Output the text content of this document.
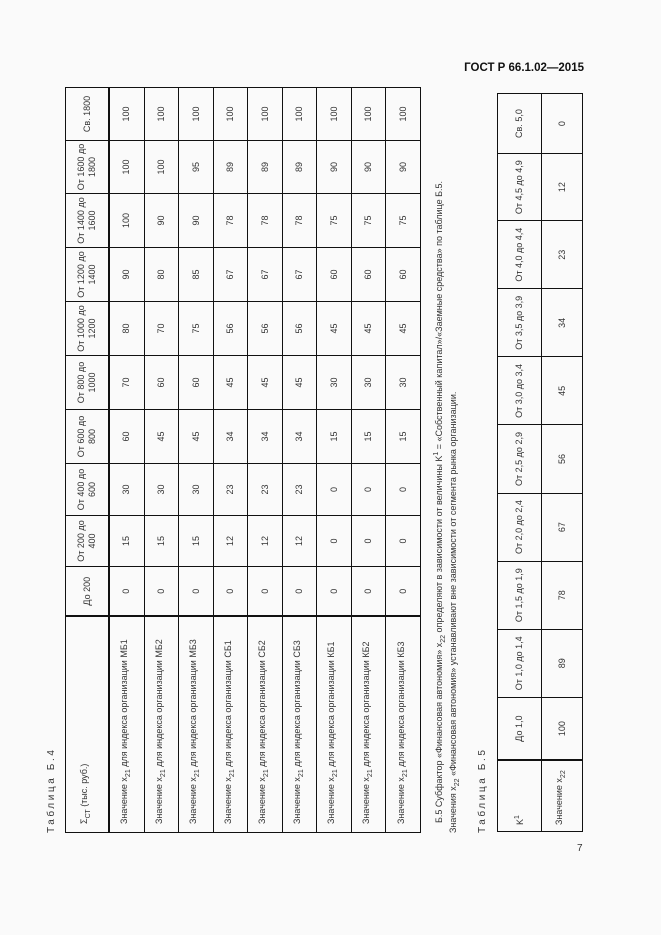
ГОСТ Р 66.1.02—2015
7
Таблица Б.4 $\Sigma_{СТ}$ (тыс. руб.)	До 200	От 200 до 400	От 400 до 600	От 600 до 800	От 800 до 1000	От 1000 до 1200	От 1200 до 1400	От 1400 до 1600	От 1600 до 1800	Св. 1800
Значение $x_{21}$ для индекса организации МБ1	0	15	30	60	70	80	90	100	100	100
Значение $x_{21}$ для индекса организации МБ2	0	15	30	45	60	70	80	90	100	100
Значение $x_{21}$ для индекса организации МБ3	0	15	30	45	60	75	85	90	95	100
Значение $x_{21}$ для индекса организации СБ1	0	12	23	34	45	56	67	78	89	100
Значение $x_{21}$ для индекса организации СБ2	0	12	23	34	45	56	67	78	89	100
Значение $x_{21}$ для индекса организации СБ3	0	12	23	34	45	56	67	78	89	100
Значение $x_{21}$ для индекса организации КБ1	0	0	0	15	30	45	60	75	90	100
Значение $x_{21}$ для индекса организации КБ2	0	0	0	15	30	45	60	75	90	100
Значение $x_{21}$ для индекса организации КБ3	0	0	0	15	30	45	60	75	90	100
Б.5 Субфактор «Финансовая автономия» $x_{22}$ определяют в зависимости от величины $K^1$ = «Собственный капитал»/«Заемные средства» по таблице Б.5.
Значения $x_{22}$ «Финансовая автономия» устанавливают вне зависимости от сегмента рынка организации.
Таблица Б.5	$K^1$	До 1,0	От 1,0 до 1,4	От 1,5 до 1,9	От 2,0 до 2,4	От 2,5 до 2,9	От 3,0 до 3,4	От 3,5 до 3,9	От 4,0 до 4,4	От 4,5 до 4,9	Св. 5,0
Значение $x_{22}$	100	89	78	67	56	45	34	23	12	0
